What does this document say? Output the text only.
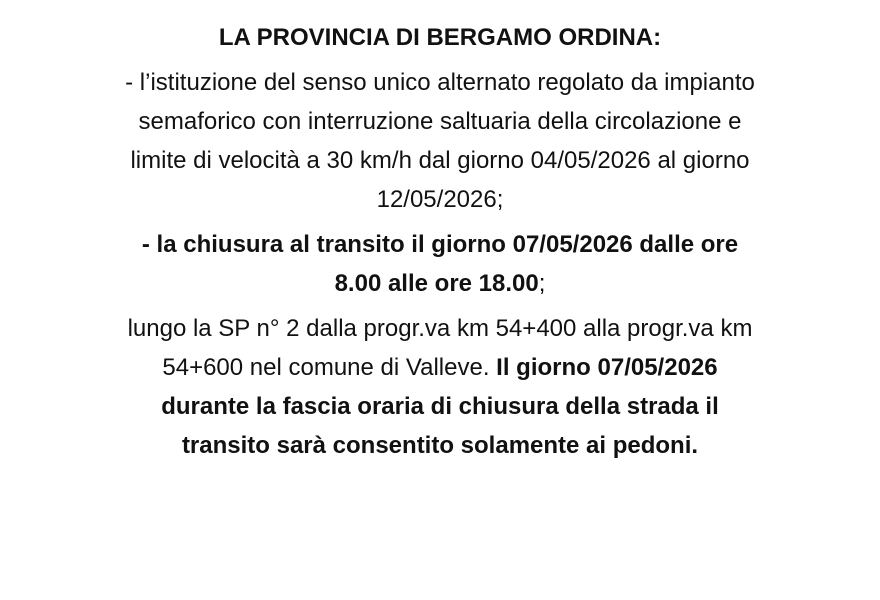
LA PROVINCIA DI BERGAMO ORDINA:

- l’istituzione del senso unico alternato regolato da impianto semaforico con interruzione saltuaria della circolazione e limite di velocità a 30 km/h dal giorno 04/05/2026 al giorno 12/05/2026;

- la chiusura al transito il giorno 07/05/2026 dalle ore 8.00 alle ore 18.00;

lungo la SP n° 2 dalla progr.va km 54+400 alla progr.va km 54+600 nel comune di Valleve. Il giorno 07/05/2026 durante la fascia oraria di chiusura della strada il transito sarà consentito solamente ai pedoni.
